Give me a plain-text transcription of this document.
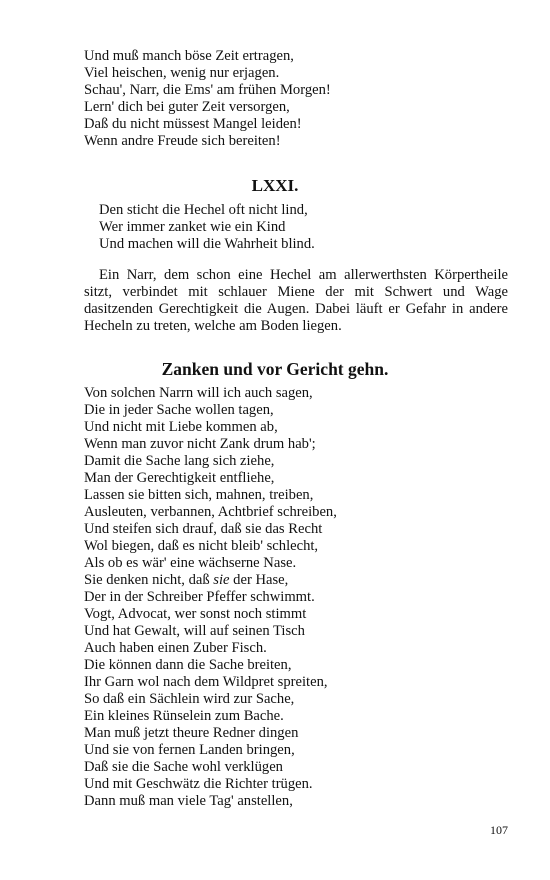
Und muß manch böse Zeit ertragen,
Viel heischen, wenig nur erjagen.
Schau', Narr, die Ems' am frühen Morgen!
Lern' dich bei guter Zeit versorgen,
Daß du nicht müssest Mangel leiden!
Wenn andre Freude sich bereiten!
LXXI.
Den sticht die Hechel oft nicht lind,
Wer immer zanket wie ein Kind
Und machen will die Wahrheit blind.

Ein Narr, dem schon eine Hechel am allerwerthsten Körpertheile sitzt, verbindet mit schlauer Miene der mit Schwert und Wage dasitzenden Gerechtigkeit die Augen. Dabei läuft er Gefahr in andere Hecheln zu treten, welche am Boden liegen.

Zanken und vor Gericht gehn.
Von solchen Narrn will ich auch sagen,
Die in jeder Sache wollen tagen,
Und nicht mit Liebe kommen ab,
Wenn man zuvor nicht Zank drum hab';
Damit die Sache lang sich ziehe,
Man der Gerechtigkeit entfliehe,
Lassen sie bitten sich, mahnen, treiben,
Ausleuten, verbannen, Achtbrief schreiben,
Und steifen sich drauf, daß sie das Recht
Wol biegen, daß es nicht bleib' schlecht,
Als ob es wär' eine wächserne Nase.
Sie denken nicht, daß sie der Hase,
Der in der Schreiber Pfeffer schwimmt.
Vogt, Advocat, wer sonst noch stimmt
Und hat Gewalt, will auf seinen Tisch
Auch haben einen Zuber Fisch.
Die können dann die Sache breiten,
Ihr Garn wol nach dem Wildpret spreiten,
So daß ein Sächlein wird zur Sache,
Ein kleines Rünselein zum Bache.
Man muß jetzt theure Redner dingen
Und sie von fernen Landen bringen,
Daß sie die Sache wohl verklügen
Und mit Geschwätz die Richter trügen.
Dann muß man viele Tag' anstellen,
107
